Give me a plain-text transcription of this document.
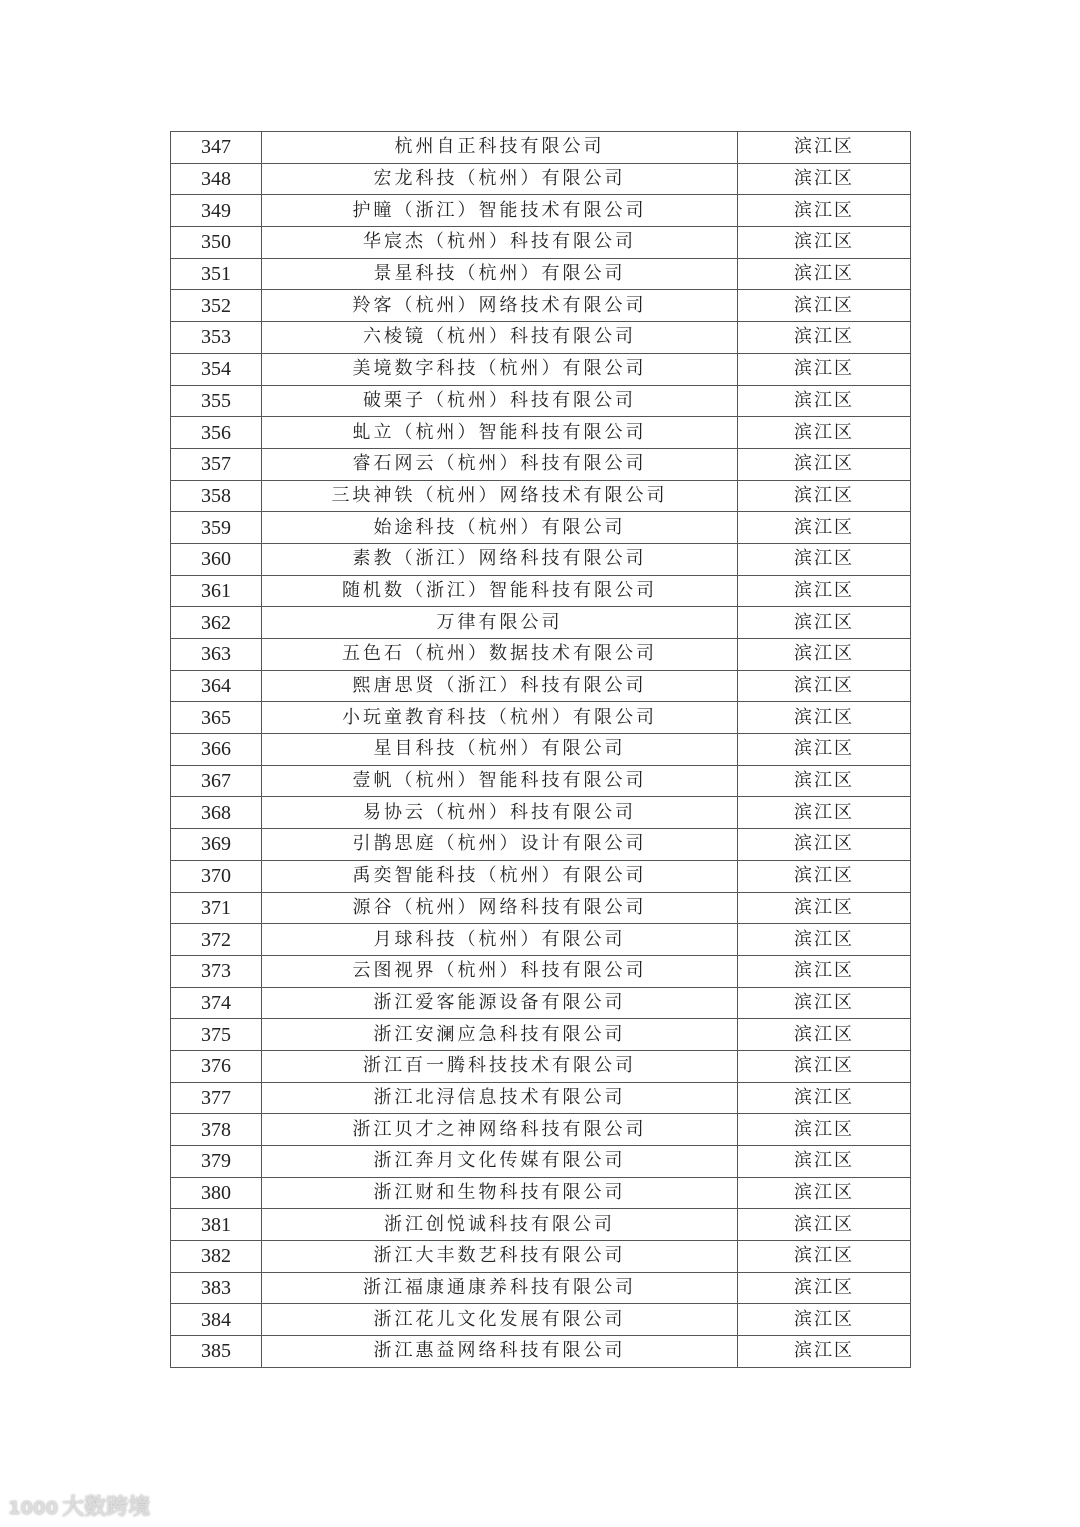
347	杭州自正科技有限公司	滨江区
348	宏龙科技（杭州）有限公司	滨江区
349	护瞳（浙江）智能技术有限公司	滨江区
350	华宸杰（杭州）科技有限公司	滨江区
351	景星科技（杭州）有限公司	滨江区
352	羚客（杭州）网络技术有限公司	滨江区
353	六棱镜（杭州）科技有限公司	滨江区
354	美境数字科技（杭州）有限公司	滨江区
355	破栗子（杭州）科技有限公司	滨江区
356	虬立（杭州）智能科技有限公司	滨江区
357	睿石网云（杭州）科技有限公司	滨江区
358	三块神铁（杭州）网络技术有限公司	滨江区
359	始途科技（杭州）有限公司	滨江区
360	素教（浙江）网络科技有限公司	滨江区
361	随机数（浙江）智能科技有限公司	滨江区
362	万律有限公司	滨江区
363	五色石（杭州）数据技术有限公司	滨江区
364	熙唐思贤（浙江）科技有限公司	滨江区
365	小玩童教育科技（杭州）有限公司	滨江区
366	星目科技（杭州）有限公司	滨江区
367	壹帆（杭州）智能科技有限公司	滨江区
368	易协云（杭州）科技有限公司	滨江区
369	引鹊思庭（杭州）设计有限公司	滨江区
370	禹奕智能科技（杭州）有限公司	滨江区
371	源谷（杭州）网络科技有限公司	滨江区
372	月球科技（杭州）有限公司	滨江区
373	云图视界（杭州）科技有限公司	滨江区
374	浙江爱客能源设备有限公司	滨江区
375	浙江安澜应急科技有限公司	滨江区
376	浙江百一腾科技技术有限公司	滨江区
377	浙江北浔信息技术有限公司	滨江区
378	浙江贝才之神网络科技有限公司	滨江区
379	浙江奔月文化传媒有限公司	滨江区
380	浙江财和生物科技有限公司	滨江区
381	浙江创悦诚科技有限公司	滨江区
382	浙江大丰数艺科技有限公司	滨江区
383	浙江福康通康养科技有限公司	滨江区
384	浙江花儿文化发展有限公司	滨江区
385	浙江惠益网络科技有限公司	滨江区
1000 大数跨境
